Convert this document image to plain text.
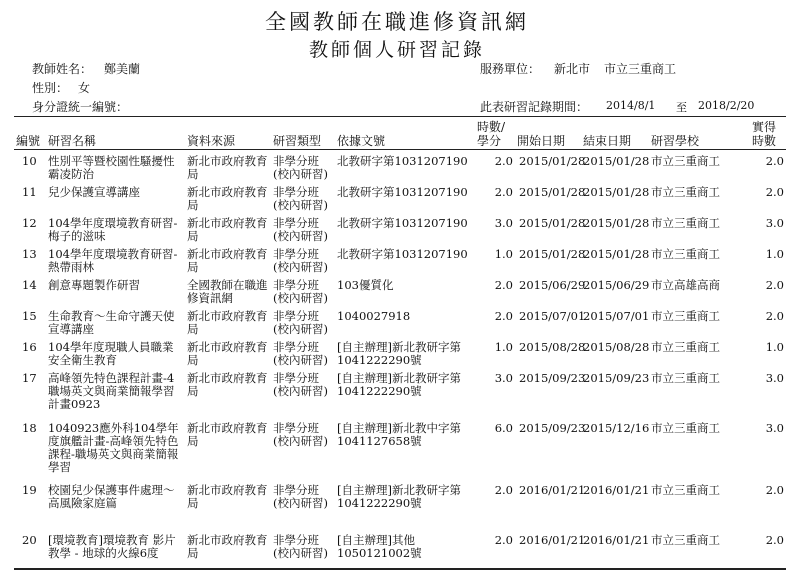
全國教師在職進修資訊網
教師個人研習記錄
教師姓名： 鄭美蘭	服務單位： 新北市 市立三重商工
性別： 女
身分證統一編號：	此表研習記錄期間： 2014/8/1 至 2018/2/20
編號	研習名稱	資料來源	研習類型	依據文號	時數/學分	開始日期	結束日期	研習學校	實得時數
10	性別平等暨校園性騷擾性霸凌防治	新北市政府教育局	非學分班(校內研習)	北教研字第1031207190	2.0	2015/01/28	2015/01/28	市立三重商工	2.0
11	兒少保護宣導講座	新北市政府教育局	非學分班(校內研習)	北教研字第1031207190	2.0	2015/01/28	2015/01/28	市立三重商工	2.0
12	104學年度環境教育研習-梅子的滋味	新北市政府教育局	非學分班(校內研習)	北教研字第1031207190	3.0	2015/01/28	2015/01/28	市立三重商工	3.0
13	104學年度環境教育研習-熱帶雨林	新北市政府教育局	非學分班(校內研習)	北教研字第1031207190	1.0	2015/01/28	2015/01/28	市立三重商工	1.0
14	創意專題製作研習	全國教師在職進修資訊網	非學分班(校內研習)	103優質化	2.0	2015/06/29	2015/06/29	市立高雄高商	2.0
15	生命教育～生命守護天使宣導講座	新北市政府教育局	非學分班(校內研習)	1040027918	2.0	2015/07/01	2015/07/01	市立三重商工	2.0
16	104學年度現職人員職業安全衛生教育	新北市政府教育局	非學分班(校內研習)	[自主辦理]新北教研字第1041222290號	1.0	2015/08/28	2015/08/28	市立三重商工	1.0
17	高峰領先特色課程計畫-4職場英文與商業簡報學習計畫0923	新北市政府教育局	非學分班(校內研習)	[自主辦理]新北教研字第1041222290號	3.0	2015/09/23	2015/09/23	市立三重商工	3.0
18	1040923應外科104學年度旗艦計畫-高峰領先特色課程-職場英文與商業簡報學習	新北市政府教育局	非學分班(校內研習)	[自主辦理]新北教中字第1041127658號	6.0	2015/09/23	2015/12/16	市立三重商工	3.0
19	校園兒少保護事件處理～高風險家庭篇	新北市政府教育局	非學分班(校內研習)	[自主辦理]新北教研字第1041222290號	2.0	2016/01/21	2016/01/21	市立三重商工	2.0
20	[環境教育]環境教育 影片教學 - 地球的火線6度	新北市政府教育局	非學分班(校內研習)	[自主辦理]其他1050121002號	2.0	2016/01/21	2016/01/21	市立三重商工	2.0
